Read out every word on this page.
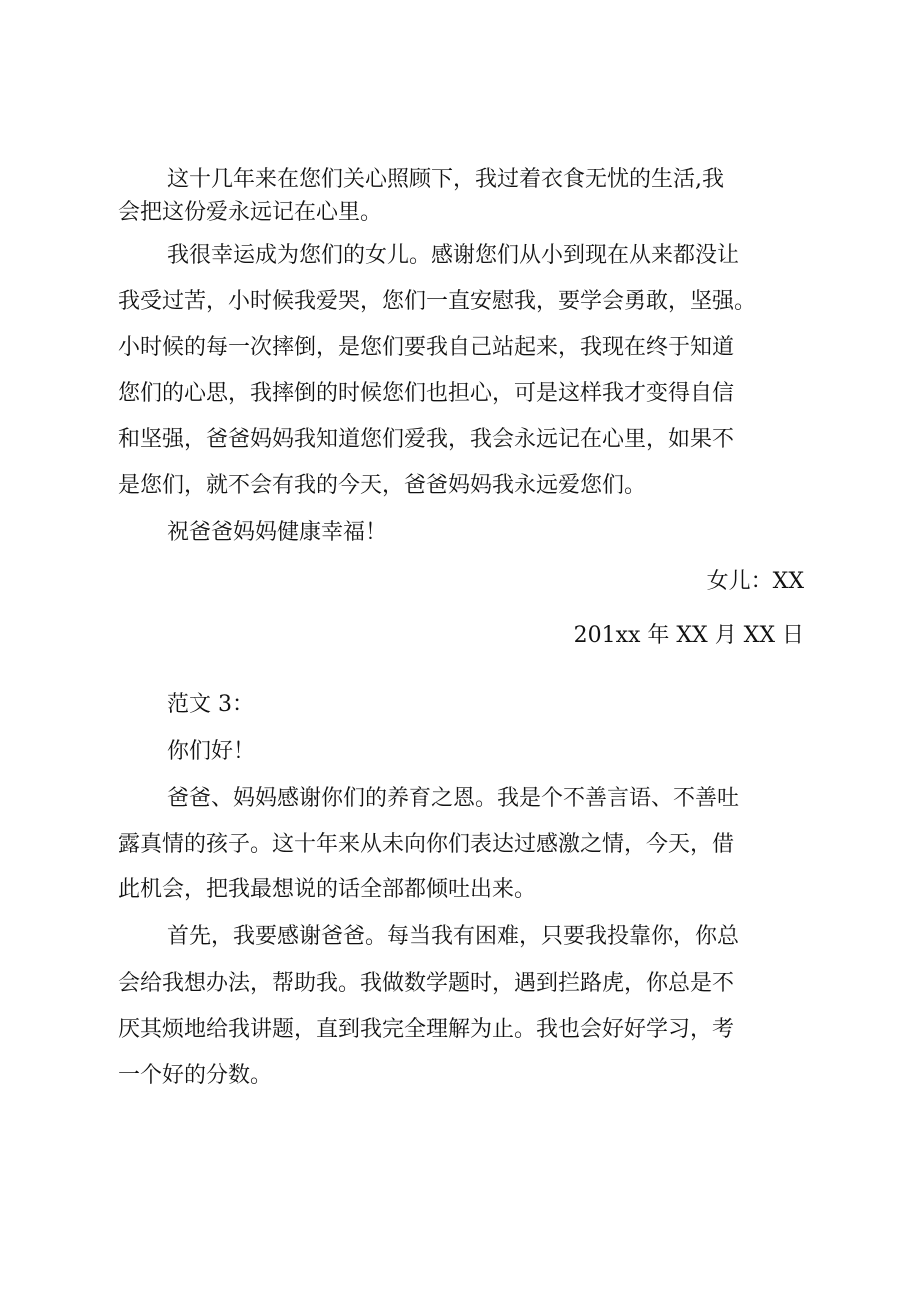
这十几年来在您们关心照顾下，我过着衣食无忧的生活,我
会把这份爱永远记在心里。
我很幸运成为您们的女儿。感谢您们从小到现在从来都没让
我受过苦，小时候我爱哭，您们一直安慰我，要学会勇敢，坚强。
小时候的每一次摔倒，是您们要我自己站起来，我现在终于知道
您们的心思，我摔倒的时候您们也担心，可是这样我才变得自信
和坚强，爸爸妈妈我知道您们爱我，我会永远记在心里，如果不
是您们，就不会有我的今天，爸爸妈妈我永远爱您们。
祝爸爸妈妈健康幸福！
女儿：XX
201xx 年 XX 月 XX 日
范文 3：
你们好！
爸爸、妈妈感谢你们的养育之恩。我是个不善言语、不善吐
露真情的孩子。这十年来从未向你们表达过感激之情，今天，借
此机会，把我最想说的话全部都倾吐出来。
首先，我要感谢爸爸。每当我有困难，只要我投靠你，你总
会给我想办法，帮助我。我做数学题时，遇到拦路虎，你总是不
厌其烦地给我讲题，直到我完全理解为止。我也会好好学习，考
一个好的分数。
